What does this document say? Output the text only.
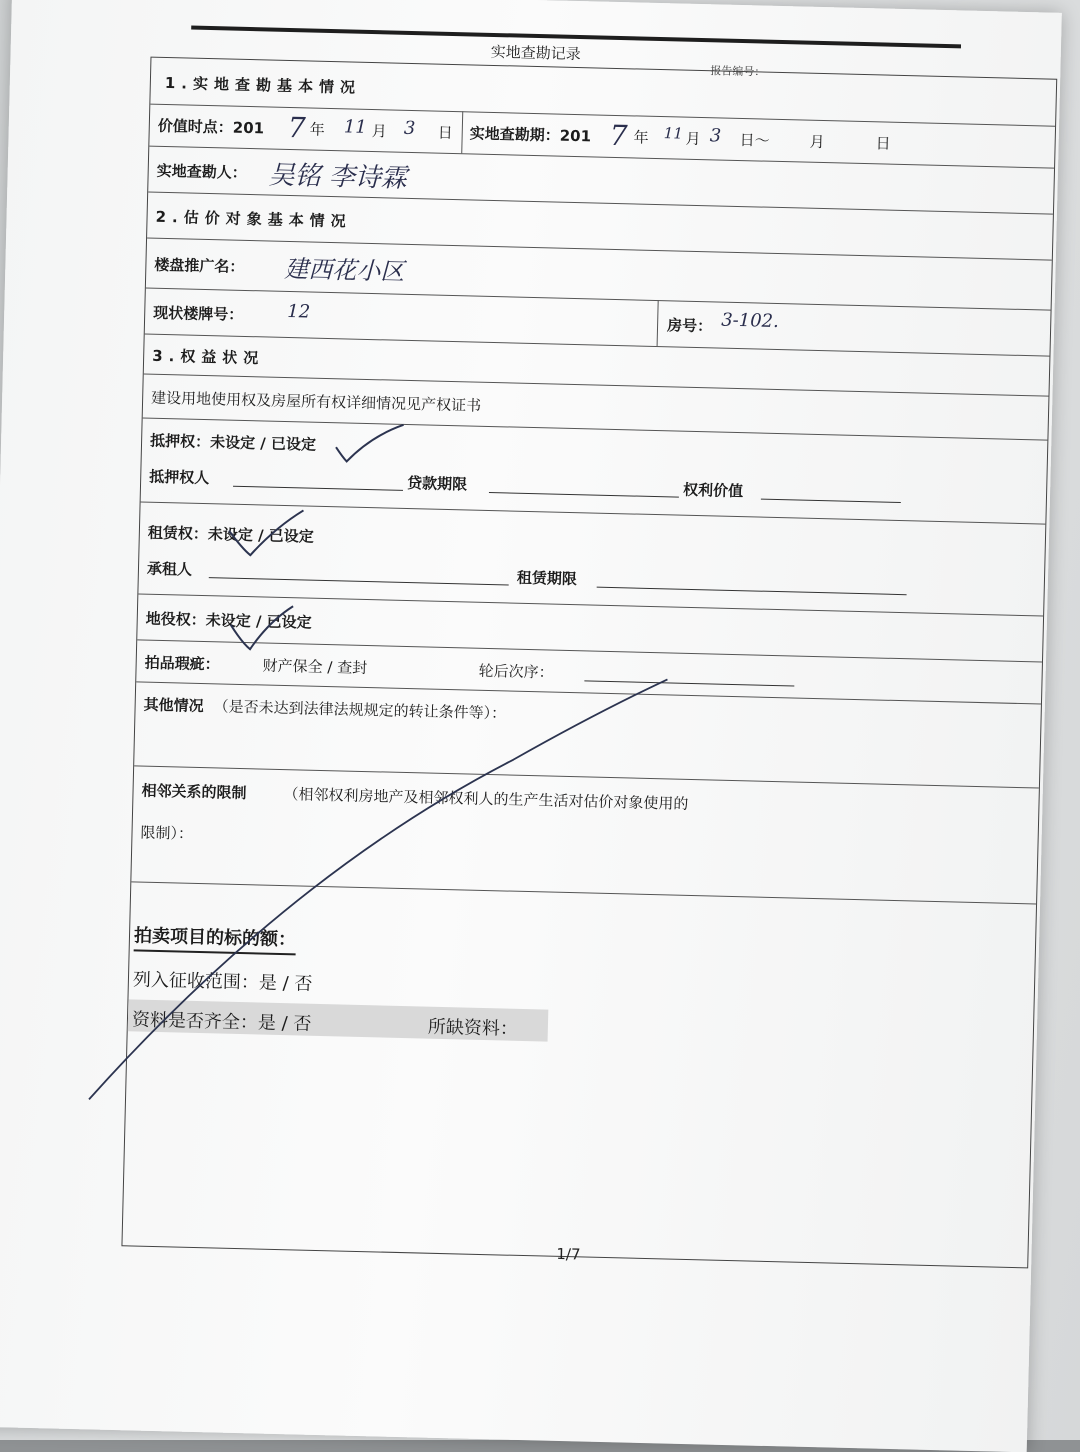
实地查勘记录
报告编号：
1.实地查勘基本情况
价值时点：201 7 年 11 月 3 日 实地查勘期：201 7 年 11 月 3 日～	月	日
实地查勘人： 吴铭 李诗霖
2.估价对象基本情况
楼盘推广名： 建西花小区
现状楼牌号： 12
房号： 3-102.
3.权益状况
建设用地使用权及房屋所有权详细情况见产权证书
抵押权：未设定 / 已设定
抵押权人	贷款期限	权利价值
租赁权：未设定 / 已设定
承租人	租赁期限
地役权：未设定 / 已设定
拍品瑕疵：	财产保全 / 查封	轮后次序：
其他情况 （是否未达到法律法规规定的转让条件等）：
相邻关系的限制 （相邻权利房地产及相邻权利人的生产生活对估价对象使用的
限制）：
拍卖项目的标的额：
列入征收范围：是 / 否
资料是否齐全：是 / 否	所缺资料：
1/7
